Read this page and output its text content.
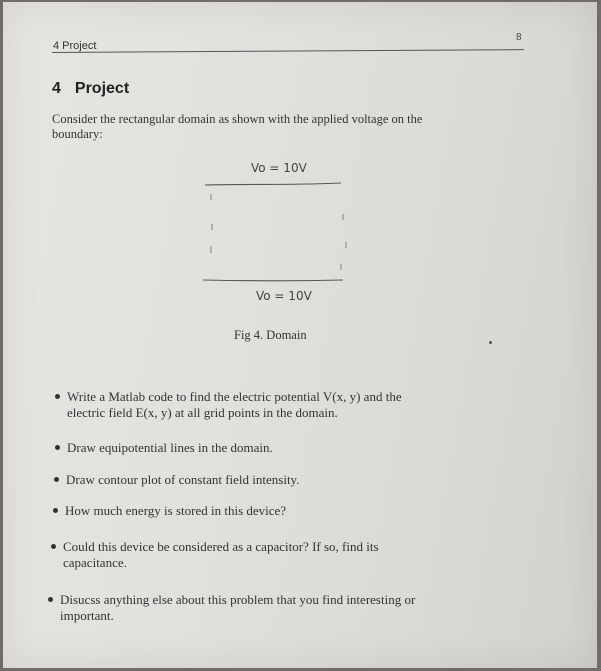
4 Project
8
4 Project
Consider the rectangular domain as shown with the applied voltage on the
boundary:
Vo = 10V
Vo = 10V
Fig 4. Domain
Write a Matlab code to find the electric potential V(x, y) and the
electric field E(x, y) at all grid points in the domain.
Draw equipotential lines in the domain.
Draw contour plot of constant field intensity.
How much energy is stored in this device?
Could this device be considered as a capacitor? If so, find its
capacitance.
Disucss anything else about this problem that you find interesting or
important.
